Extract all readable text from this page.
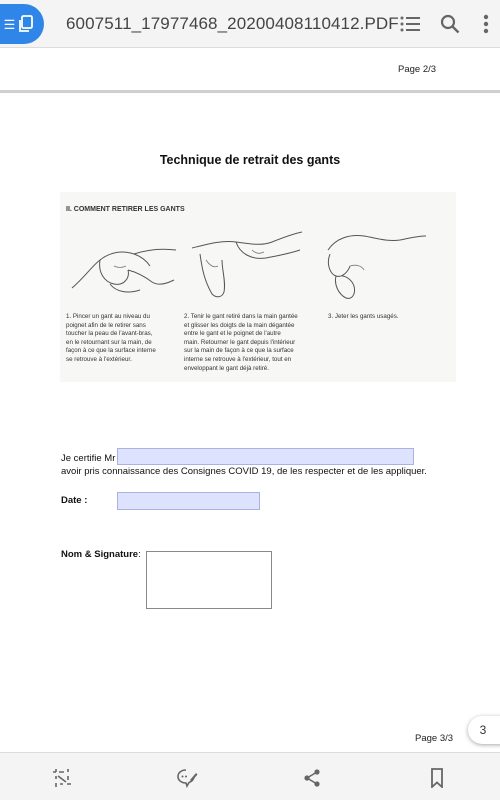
☰	6007511_17977468_20200408110412.PDF
Page 2/3
Technique de retrait des gants
II. COMMENT RETIRER LES GANTS
1. Pincer un gant au niveau du
poignet afin de le retirer sans
toucher la peau de l'avant-bras,
en le retournant sur la main, de
façon à ce que la surface interne
se retrouve à l'extérieur.
2. Tenir le gant retiré dans la main gantée
et glisser les doigts de la main dégantée
entre le gant et le poignet de l'autre
main. Retourner le gant depuis l'intérieur
sur la main de façon à ce que la surface
interne se retrouve à l'extérieur, tout en
enveloppant le gant déjà retiré.
3. Jeter les gants usagés.
Je certifie Mr
avoir pris connaissance des Consignes COVID 19, de les respecter et de les appliquer.
Date :
Nom & Signature:
Page 3/3
3
